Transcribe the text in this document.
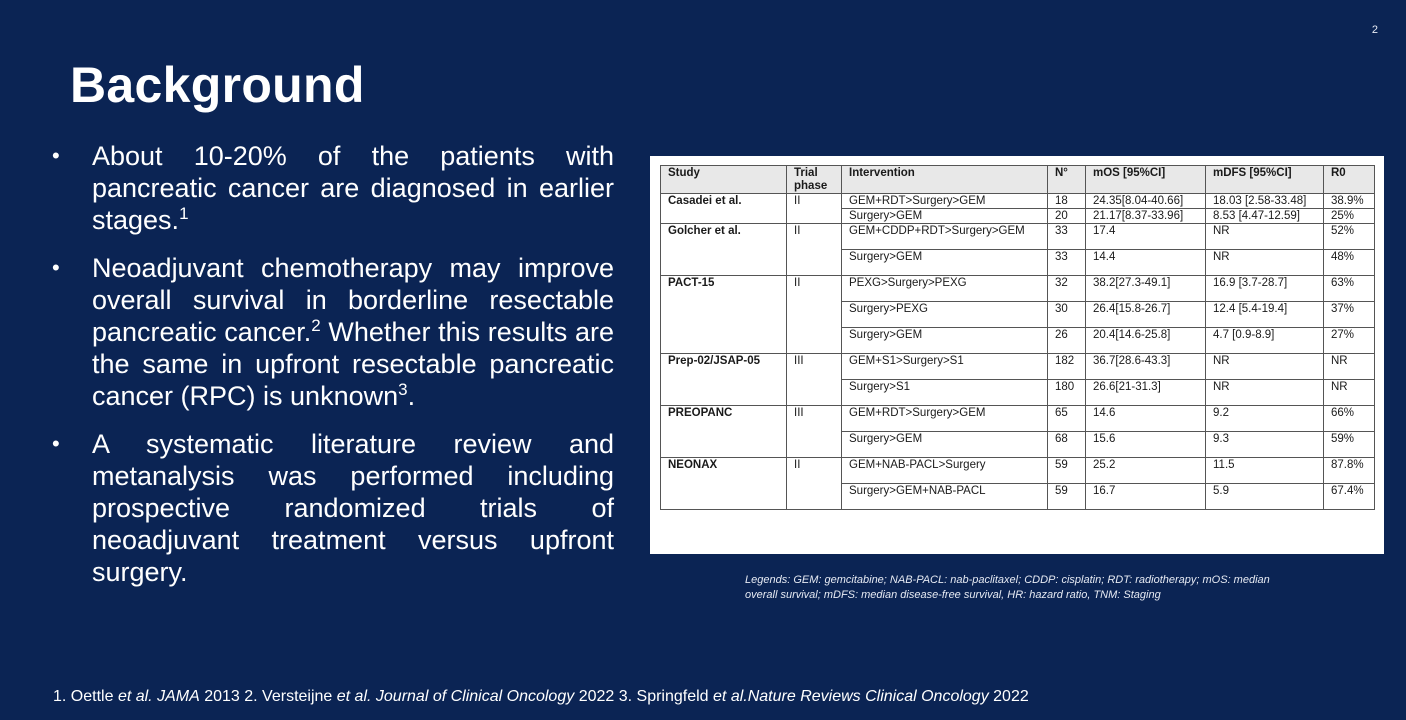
2
Background
• About 10-20% of the patients with pancreatic cancer are diagnosed in earlier stages.$^1$
• Neoadjuvant chemotherapy may improve overall survival in borderline resectable pancreatic cancer.$^2$ Whether this results are the same in upfront resectable pancreatic cancer (RPC) is unknown$^3$.
• A systematic literature review and metanalysis was performed including prospective randomized trials of neoadjuvant treatment versus upfront surgery.
Study	Trial phase	Intervention	N°	mOS [95%CI]	mDFS [95%CI]	R0
Casadei et al.	II	GEM+RDT>Surgery>GEM	18	24.35[8.04-40.66]	18.03 [2.58-33.48]	38.9%
		Surgery>GEM	20	21.17[8.37-33.96]	8.53 [4.47-12.59]	25%
Golcher et al.	II	GEM+CDDP+RDT>Surgery>GEM	33	17.4	NR	52%
		Surgery>GEM	33	14.4	NR	48%
PACT-15	II	PEXG>Surgery>PEXG	32	38.2[27.3-49.1]	16.9 [3.7-28.7]	63%
		Surgery>PEXG	30	26.4[15.8-26.7]	12.4 [5.4-19.4]	37%
		Surgery>GEM	26	20.4[14.6-25.8]	4.7 [0.9-8.9]	27%
Prep-02/JSAP-05	III	GEM+S1>Surgery>S1	182	36.7[28.6-43.3]	NR	NR
		Surgery>S1	180	26.6[21-31.3]	NR	NR
PREOPANC	III	GEM+RDT>Surgery>GEM	65	14.6	9.2	66%
		Surgery>GEM	68	15.6	9.3	59%
NEONAX	II	GEM+NAB-PACL>Surgery	59	25.2	11.5	87.8%
		Surgery>GEM+NAB-PACL	59	16.7	5.9	67.4%
Legends: GEM: gemcitabine; NAB-PACL: nab-paclitaxel; CDDP: cisplatin; RDT: radiotherapy; mOS: median overall survival; mDFS: median disease-free survival, HR: hazard ratio, TNM: Staging
1. Oettle et al. JAMA 2013 2. Versteijne et al. Journal of Clinical Oncology 2022 3. Springfeld et al.Nature Reviews Clinical Oncology 2022
